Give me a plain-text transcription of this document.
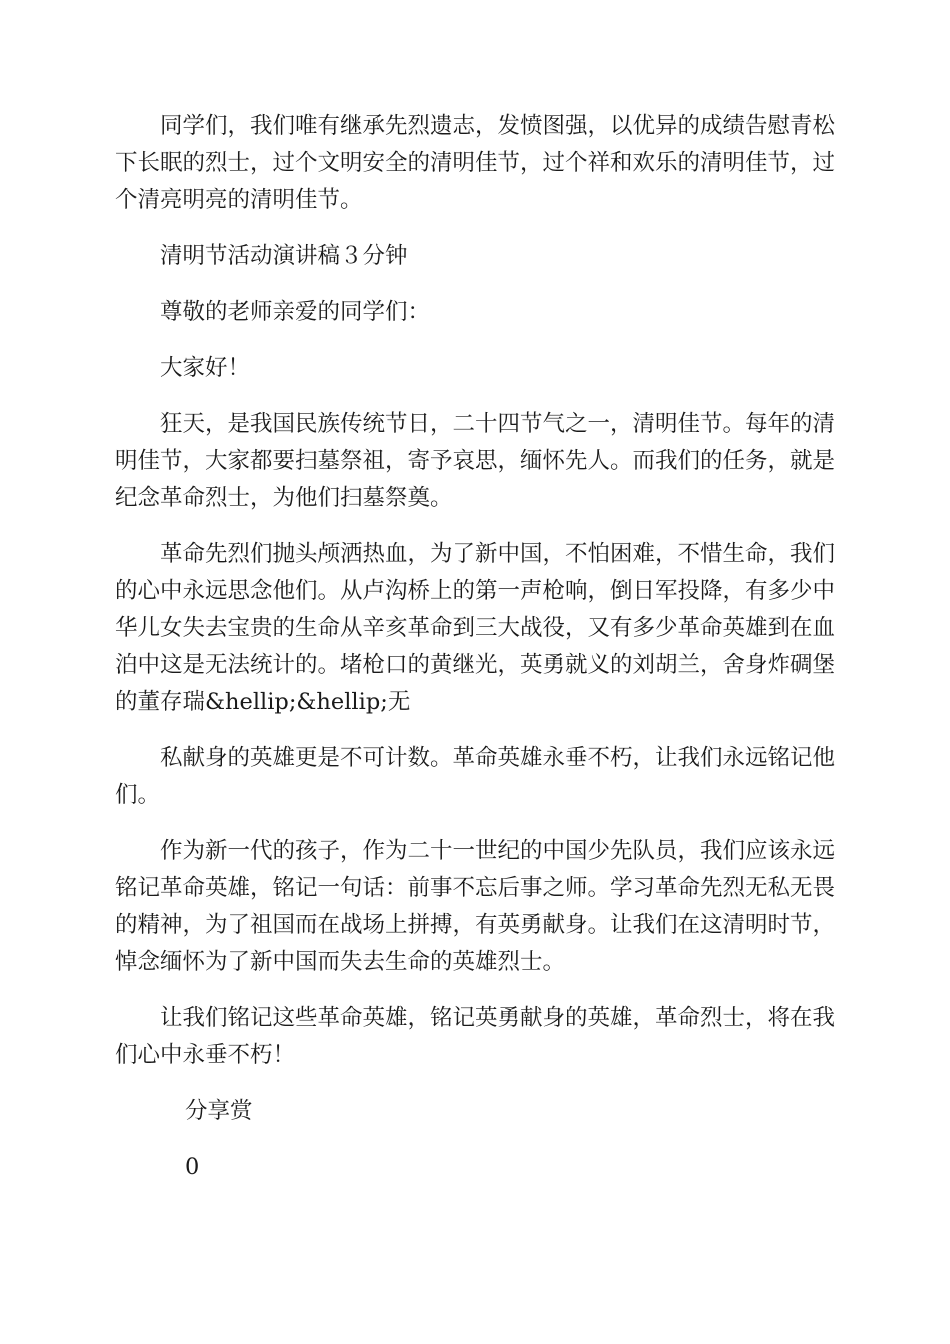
同学们，我们唯有继承先烈遗志，发愤图强，以优异的成绩告慰青松下长眠的烈士，过个文明安全的清明佳节，过个祥和欢乐的清明佳节，过个清亮明亮的清明佳节。

清明节活动演讲稿３分钟

尊敬的老师亲爱的同学们：

大家好！

狂天，是我国民族传统节日，二十四节气之一，清明佳节。每年的清明佳节，大家都要扫墓祭祖，寄予哀思，缅怀先人。而我们的任务，就是纪念革命烈士，为他们扫墓祭奠。

革命先烈们抛头颅洒热血，为了新中国，不怕困难，不惜生命，我们的心中永远思念他们。从卢沟桥上的第一声枪响，倒日军投降，有多少中华儿女失去宝贵的生命从辛亥革命到三大战役，又有多少革命英雄到在血泊中这是无法统计的。堵枪口的黄继光，英勇就义的刘胡兰，舍身炸碉堡的董存瑞&hellip;&hellip;无

私献身的英雄更是不可计数。革命英雄永垂不朽，让我们永远铭记他们。

作为新一代的孩子，作为二十一世纪的中国少先队员，我们应该永远铭记革命英雄，铭记一句话：前事不忘后事之师。学习革命先烈无私无畏的精神，为了祖国而在战场上拼搏，有英勇献身。让我们在这清明时节，悼念缅怀为了新中国而失去生命的英雄烈士。

让我们铭记这些革命英雄，铭记英勇献身的英雄，革命烈士，将在我们心中永垂不朽！

分享赏

0
